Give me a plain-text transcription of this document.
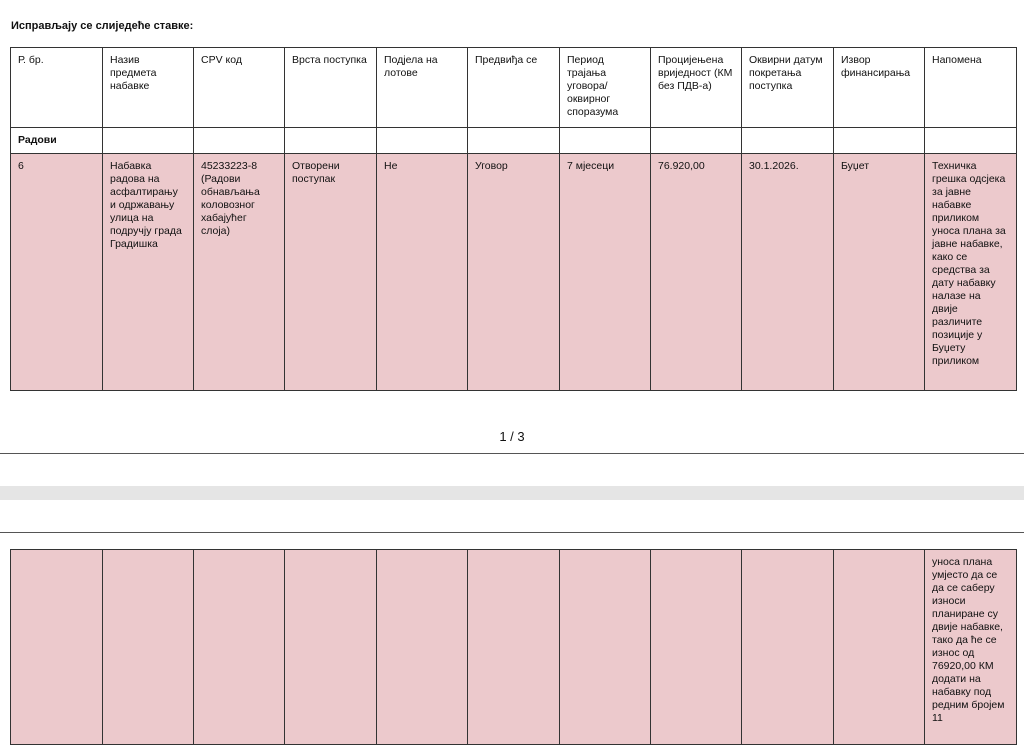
Исправљају се слиједеће ставке:
Р. бр.	Назив предмета набавке	CPV код	Врста поступка	Подјела на лотове	Предвиђа се	Период трајања уговора/оквирног споразума	Процијењена вриједност (КМ без ПДВ-а)	Оквирни датум покретања поступка	Извор финансирања	Напомена
Радови										
6	Набавка радова на асфалтирању и одржавању улица на подручју града Градишка	45233223-8 (Радови обнављања коловозног хабајућег слоја)	Отворени поступак	Не	Уговор	7 мјесеци	76.920,00	30.1.2026.	Буџет	Техничка грешка одсјека за јавне набавке приликом уноса плана за јавне набавке, како се средства за дату набавку налазе на двије различите позиције у Буџету приликом
1 / 3
										уноса плана умјесто да се да се саберу износи планиране су двије набавке, тако да ће се износ од 76920,00 КМ додати на набавку под редним бројем 11
